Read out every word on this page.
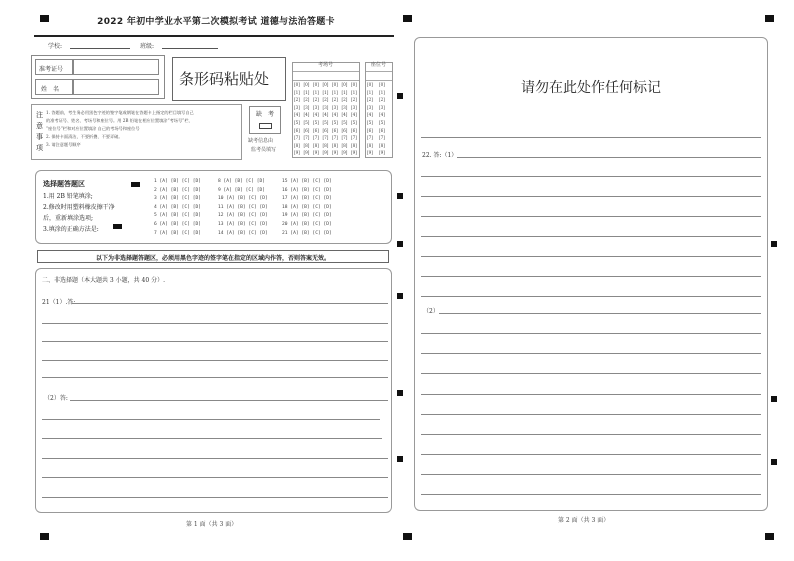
2022 年初中学业水平第二次模拟考试 道德与法治答题卡
学校:	班级:
准考证号
姓　名
条形码粘贴处
考场号
[0]
[1]
[2]
[3]
[4]
[5]
[6]
[7]
[8]
[9]
[0]
[1]
[2]
[3]
[4]
[5]
[6]
[7]
[8]
[9]
[0]
[1]
[2]
[3]
[4]
[5]
[6]
[7]
[8]
[9]
[0]
[1]
[2]
[3]
[4]
[5]
[6]
[7]
[8]
[9]
[0]
[1]
[2]
[3]
[4]
[5]
[6]
[7]
[8]
[9]
[0]
[1]
[2]
[3]
[4]
[5]
[6]
[7]
[8]
[9]
[0]
[1]
[2]
[3]
[4]
[5]
[6]
[7]
[8]
[9]
座位号
[0]
[1]
[2]
[3]
[4]
[5]
[6]
[7]
[8]
[9]
[0]
[1]
[2]
[3]
[4]
[5]
[6]
[7]
[8]
[9]
注
意
事
项
1. 答题前，考生务必用黑色字迹的签字笔或钢笔在答题卡上指定的栏目填写自己
的准考证号、姓名、考场号和座位号。用 2B 铅笔在相应位置填涂“考场号”栏、
“座位号”栏和对应位置填涂 自己的考场号和座位号
2. 保持卡面清洁，不要折叠、不要弄破。
3. 请注意题号顺序
缺　考
缺考信息由
监考员填写
选择题答题区
1.用 2B 铅笔填涂;
2.修改时用塑料橡皮擦干净
后，重新填涂选项;
3.填涂的正确方法是:
1 [A] [B] [C] [D]
2 [A] [B] [C] [D]
3 [A] [B] [C] [D]
4 [A] [B] [C] [D]
5 [A] [B] [C] [D]
6 [A] [B] [C] [D]
7 [A] [B] [C] [D]
8 [A] [B] [C] [D]
9 [A] [B] [C] [D]
10 [A] [B] [C] [D]
11 [A] [B] [C] [D]
12 [A] [B] [C] [D]
13 [A] [B] [C] [D]
14 [A] [B] [C] [D]
15 [A] [B] [C] [D]
16 [A] [B] [C] [D]
17 [A] [B] [C] [D]
18 [A] [B] [C] [D]
19 [A] [B] [C] [D]
20 [A] [B] [C] [D]
21 [A] [B] [C] [D]
以下为非选择题答题区，必须用黑色字迹的签字笔在指定的区域内作答，否则答案无效。
二、非选择题（本大题共 3 小题，共 40 分）.
21（1）.答:
（2）答:
第 1 面（共 3 面）
请勿在此处作任何标记
22. 答:（1）
（2）
第 2 面（共 3 面）
